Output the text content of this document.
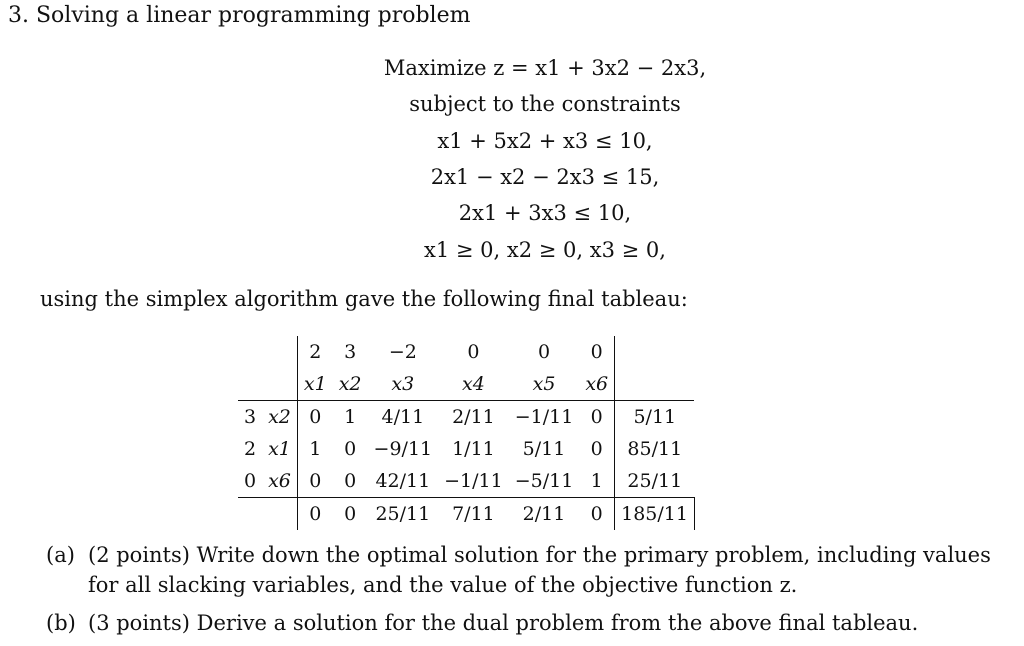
3. Solving a linear programming problem
Maximize z = x1 + 3x2 − 2x3,
subject to the constraints
x1 + 5x2 + x3 ≤ 10,
2x1 − x2 − 2x3 ≤ 15,
2x1 + 3x3 ≤ 10,
x1 ≥ 0, x2 ≥ 0, x3 ≥ 0,
using the simplex algorithm gave the following final tableau:
		2	3	−2	0	0	0	
		x1	x2	x3	x4	x5	x6	
3	x2	0	1	4/11	2/11	−1/11	0	5/11
2	x1	1	0	−9/11	1/11	5/11	0	85/11
0	x6	0	0	42/11	−1/11	−5/11	1	25/11
		0	0	25/11	7/11	2/11	0	185/11
(a) (2 points) Write down the optimal solution for the primary problem, including values for all slacking variables, and the value of the objective function z.
(b) (3 points) Derive a solution for the dual problem from the above final tableau.
